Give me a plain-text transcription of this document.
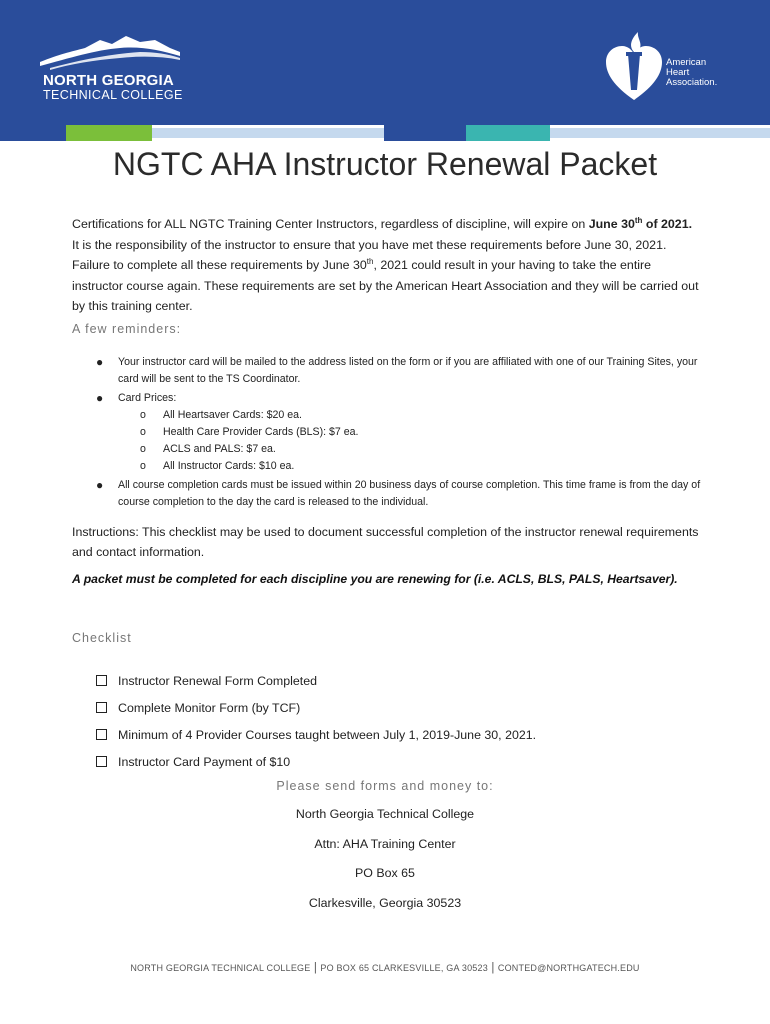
NORTH GEORGIA
TECHNICAL COLLEGE
American
Heart
Association.
NGTC AHA Instructor Renewal Packet

Certifications for ALL NGTC Training Center Instructors, regardless of discipline, will expire on June 30th of 2021. It is the responsibility of the instructor to ensure that you have met these requirements before June 30, 2021. Failure to complete all these requirements by June 30th, 2021 could result in your having to take the entire instructor course again. These requirements are set by the American Heart Association and they will be carried out by this training center.

A few reminders:
● Your instructor card will be mailed to the address listed on the form or if you are affiliated with one of our Training Sites, your card will be sent to the TS Coordinator.
● Card Prices:
o All Heartsaver Cards: $20 ea.
o Health Care Provider Cards (BLS): $7 ea.
o ACLS and PALS: $7 ea.
o All Instructor Cards: $10 ea.
● All course completion cards must be issued within 20 business days of course completion. This time frame is from the day of course completion to the day the card is released to the individual.

Instructions: This checklist may be used to document successful completion of the instructor renewal requirements and contact information.

A packet must be completed for each discipline you are renewing for (i.e. ACLS, BLS, PALS, Heartsaver).

Checklist
Instructor Renewal Form Completed
Complete Monitor Form (by TCF)
Minimum of 4 Provider Courses taught between July 1, 2019-June 30, 2021.
Instructor Card Payment of $10
Please send forms and money to:
North Georgia Technical College
Attn: AHA Training Center
PO Box 65
Clarkesville, Georgia 30523
NORTH GEORGIA TECHNICAL COLLEGE | PO BOX 65 CLARKESVILLE, GA 30523 | CONTED@NORTHGATECH.EDU
